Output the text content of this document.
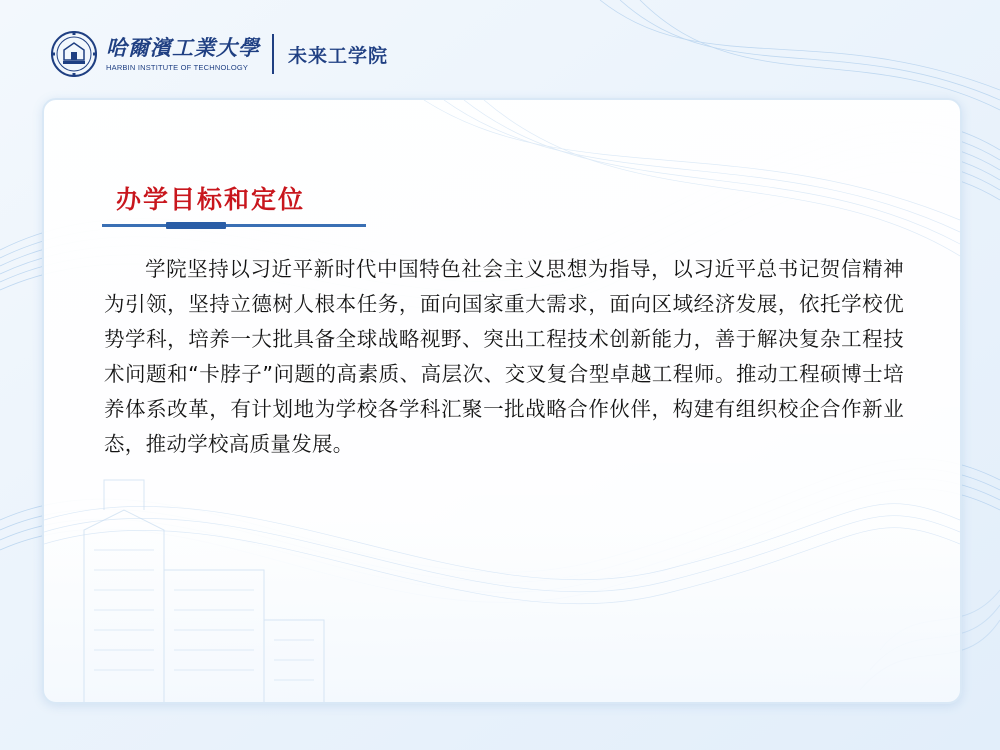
哈爾濱工業大學
HARBIN INSTITUTE OF TECHNOLOGY
未来工学院
办学目标和定位
学院坚持以习近平新时代中国特色社会主义思想为指导，以习近平总书记贺信精神为引领，坚持立德树人根本任务，面向国家重大需求，面向区域经济发展，依托学校优势学科，培养一大批具备全球战略视野、突出工程技术创新能力，善于解决复杂工程技术问题和“卡脖子”问题的高素质、高层次、交叉复合型卓越工程师。推动工程硕博士培养体系改革，有计划地为学校各学科汇聚一批战略合作伙伴，构建有组织校企合作新业态，推动学校高质量发展。
